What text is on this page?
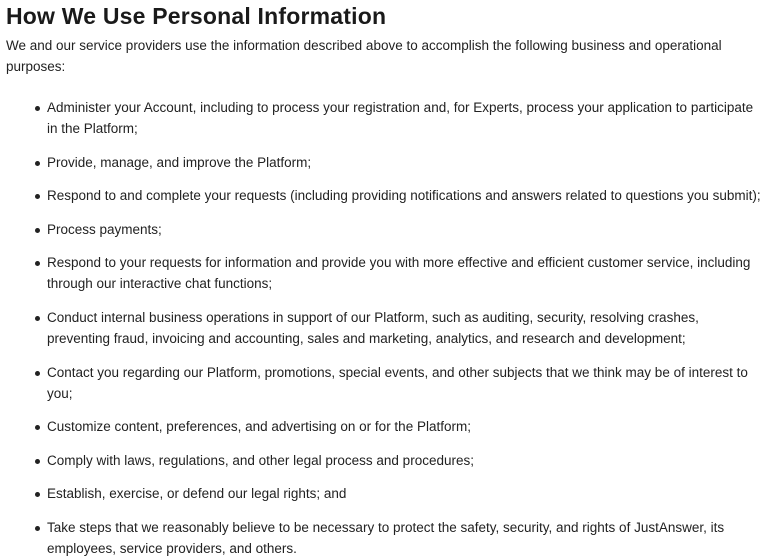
How We Use Personal Information

We and our service providers use the information described above to accomplish the following business and operational purposes:

Administer your Account, including to process your registration and, for Experts, process your application to participate in the Platform;
Provide, manage, and improve the Platform;
Respond to and complete your requests (including providing notifications and answers related to questions you submit);
Process payments;
Respond to your requests for information and provide you with more effective and efficient customer service, including through our interactive chat functions;
Conduct internal business operations in support of our Platform, such as auditing, security, resolving crashes, preventing fraud, invoicing and accounting, sales and marketing, analytics, and research and development;
Contact you regarding our Platform, promotions, special events, and other subjects that we think may be of interest to you;
Customize content, preferences, and advertising on or for the Platform;
Comply with laws, regulations, and other legal process and procedures;
Establish, exercise, or defend our legal rights; and
Take steps that we reasonably believe to be necessary to protect the safety, security, and rights of JustAnswer, its employees, service providers, and others.
